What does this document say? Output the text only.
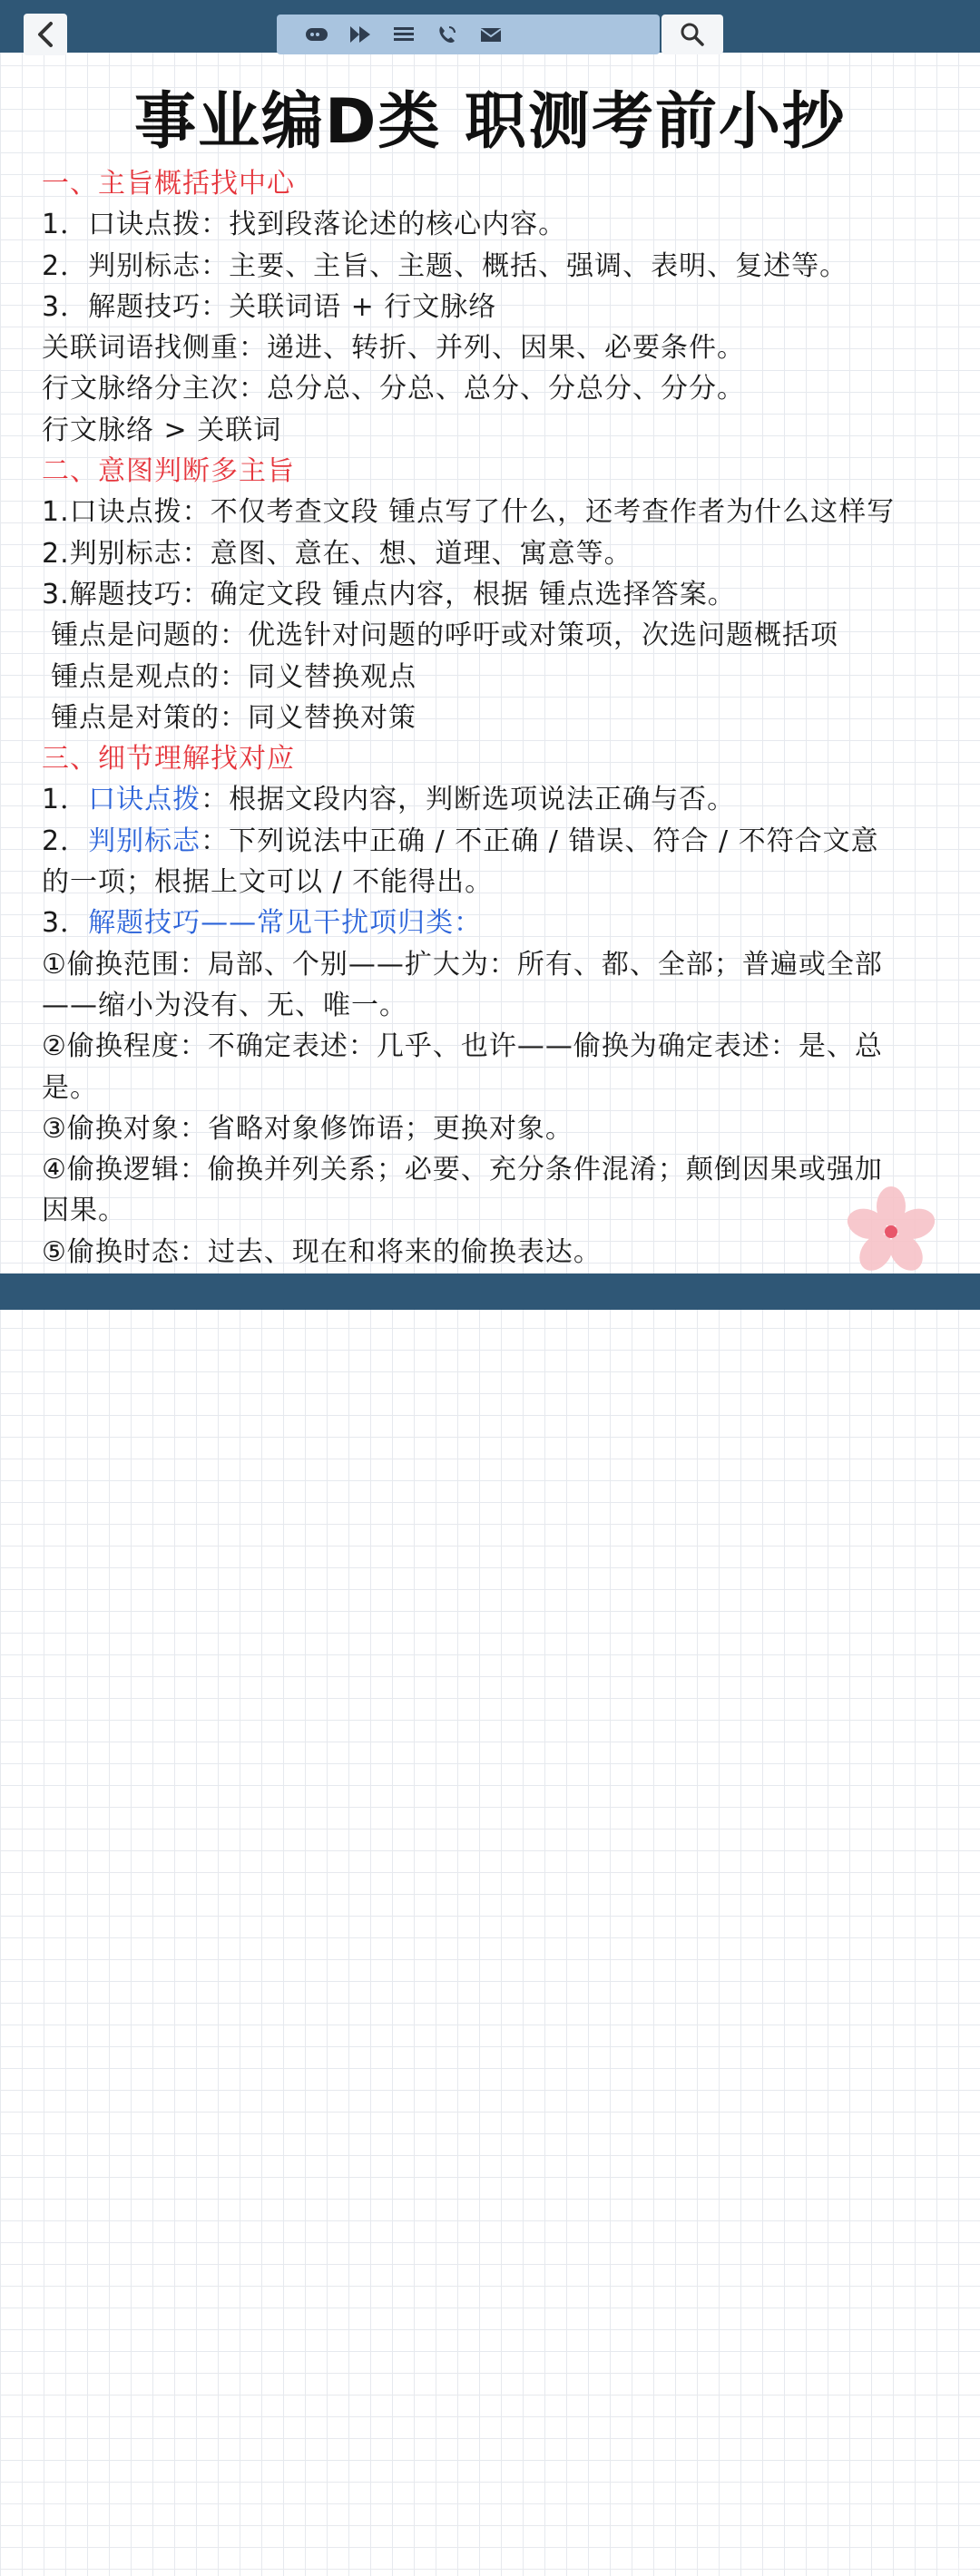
事业编D类 职测考前小抄
一、主旨概括找中心
1．口诀点拨：找到段落论述的核心内容。
2．判别标志：主要、主旨、主题、概括、强调、表明、复述等。
3．解题技巧：关联词语 + 行文脉络
关联词语找侧重：递进、转折、并列、因果、必要条件。
行文脉络分主次：总分总、分总、总分、分总分、分分。
行文脉络 > 关联词
二、意图判断多主旨
1.口诀点拨：不仅考查文段 锺点写了什么，还考查作者为什么这样写
2.判别标志：意图、意在、想、道理、寓意等。
3.解题技巧：确定文段 锺点内容，根据 锺点选择答案。
锺点是问题的：优选针对问题的呼吁或对策项，次选问题概括项
锺点是观点的：同义替换观点
锺点是对策的：同义替换对策
三、细节理解找对应
1．口诀点拨：根据文段内容，判断选项说法正确与否。
2．判别标志：下列说法中正确 / 不正确 / 错误、符合 / 不符合文意
的一项；根据上文可以 / 不能得出。
3．解题技巧——常见干扰项归类：
①偷换范围：局部、个别——扩大为：所有、都、全部；普遍或全部
——缩小为没有、无、唯一。
②偷换程度：不确定表述：几乎、也许——偷换为确定表述：是、总
是。
③偷换对象：省略对象修饰语；更换对象。
④偷换逻辑：偷换并列关系；必要、充分条件混淆；颠倒因果或强加
因果。
⑤偷换时态：过去、现在和将来的偷换表达。
